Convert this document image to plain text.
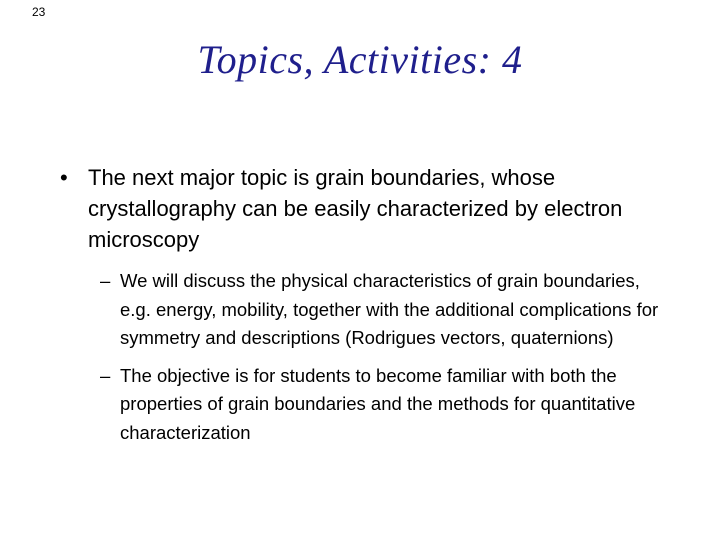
23
Topics, Activities: 4
• The next major topic is grain boundaries, whose crystallography can be easily characterized by electron microscopy
– We will discuss the physical characteristics of grain boundaries, e.g. energy, mobility, together with the additional complications for symmetry and descriptions (Rodrigues vectors, quaternions)
– The objective is for students to become familiar with both the properties of grain boundaries and the methods for quantitative characterization
